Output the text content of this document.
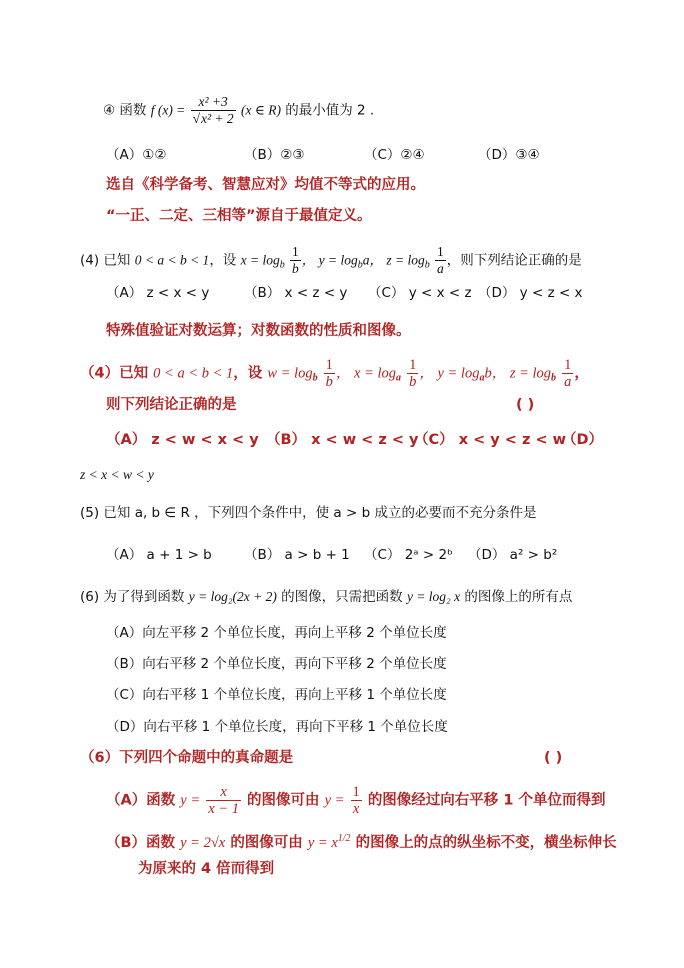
④ 函数 f $(x) = \frac{\text{x² +3}}{\text{√x² + 2}} (x$ ∈ R) 的最小值为 2 .
（A）①②	（B）②③	（C）②④	（D）③④
选自《科学备考、智慧应对》均值不等式的应用。
“一正、二定、三相等”源自于最值定义。
(4) 已知 0 < a < b < 1，设 $x = \log_b \frac{1}{b}$ ， $y = \log_ba$， $z = \log_b \frac{1}{a}$ ，则下列结论正确的是
（A） z < x < y	（B） x < z < y （C） y < x < z （D） y < z < x
特殊值验证对数运算；对数函数的性质和图像。
（4）已知 0 < a < b < 1，设 $w = \log_b \frac{1}{b}$ ， $x = \log_a \frac{1}{b}$ ， $y = \log_ab$， $z = \log_b \frac{1}{a}$ ，
则下列结论正确的是	( )
（A） z < w < x < y （B） x < w < z < y
（C） x < y < z < w
（D）
z < x < w < y
(5) 已知 a, b ∈ R ，下列四个条件中，使 a > b 成立的必要而不充分条件是
（A） a + 1 > b （B） a > b + 1 （C） 2ᵃ > 2ᵇ （D） a² > b²
(6) 为了得到函数 y = log₂(2x + 2) 的图像，只需把函数 y = log₂ x 的图像上的所有点
（A）向左平移 2 个单位长度，再向上平移 2 个单位长度
（B）向右平移 2 个单位长度，再向下平移 2 个单位长度
（C）向右平移 1 个单位长度，再向上平移 1 个单位长度
（D）向右平移 1 个单位长度，再向下平移 1 个单位长度
（6）下列四个命题中的真命题是	( )
（A）函数 $y = \frac{x}{x - 1}$ 的图像可由 $y = \frac{1}{x}$ 的图像经过向右平移 1 个单位而得到
（B）函数 y = 2√x 的图像可由 $y = x^{1/2}$ 的图像上的点的纵坐标不变，横坐标伸长
为原来的 4 倍而得到
